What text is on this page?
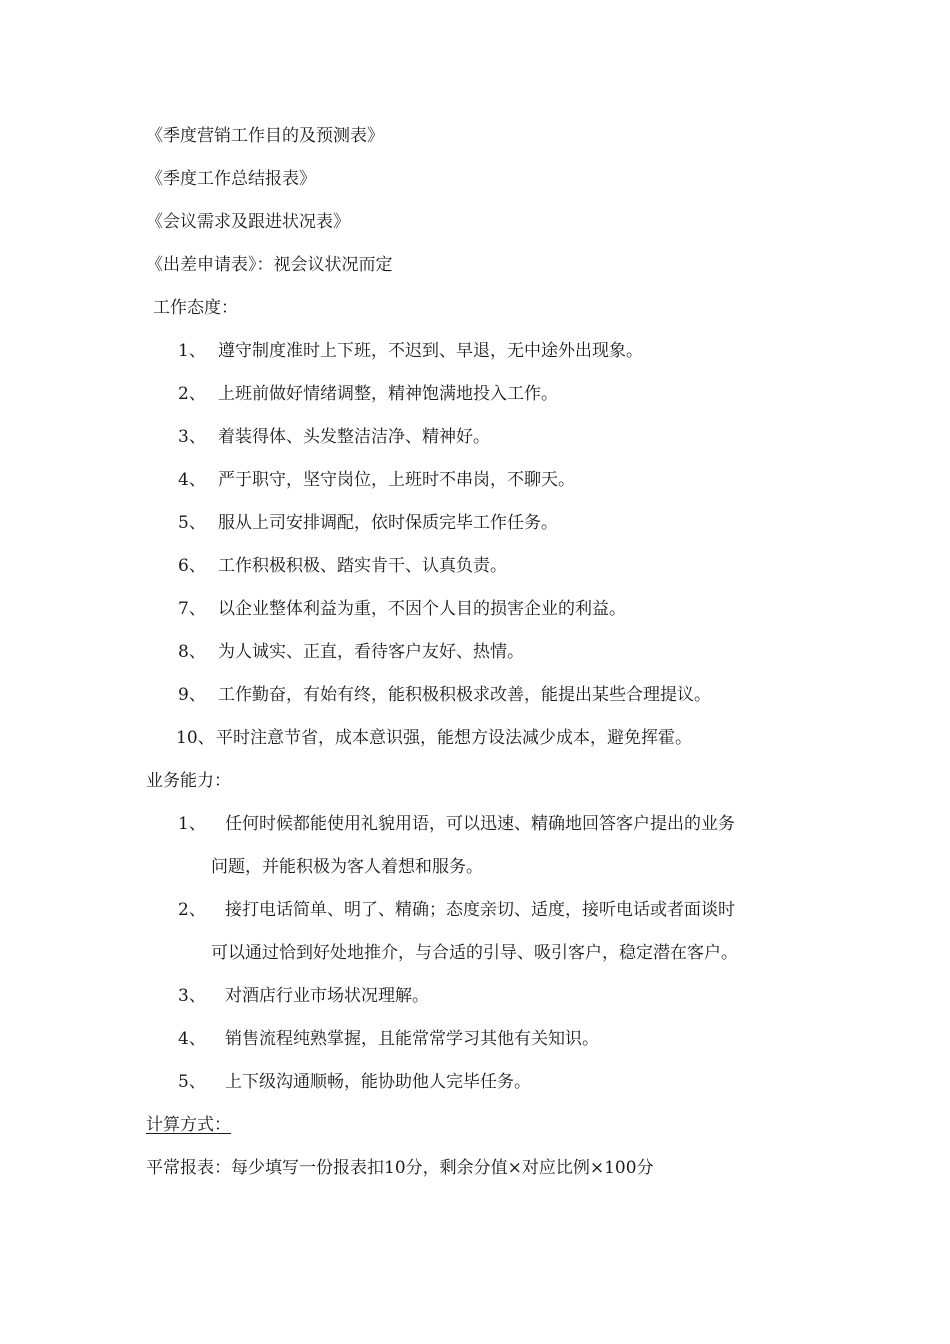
《季度营销工作目的及预测表》
《季度工作总结报表》
《会议需求及跟进状况表》
《出差申请表》：视会议状况而定
工作态度：
1、 遵守制度准时上下班，不迟到、早退，无中途外出现象。
2、 上班前做好情绪调整，精神饱满地投入工作。
3、 着装得体、头发整洁洁净、精神好。
4、 严于职守，坚守岗位，上班时不串岗，不聊天。
5、 服从上司安排调配，依时保质完毕工作任务。
6、 工作积极积极、踏实肯干、认真负责。
7、 以企业整体利益为重，不因个人目的损害企业的利益。
8、 为人诚实、正直，看待客户友好、热情。
9、 工作勤奋，有始有终，能积极积极求改善，能提出某些合理提议。
10、 平时注意节省，成本意识强，能想方设法减少成本，避免挥霍。
业务能力：
1、 任何时候都能使用礼貌用语，可以迅速、精确地回答客户提出的业务
问题，并能积极为客人着想和服务。
2、 接打电话简单、明了、精确；态度亲切、适度，接听电话或者面谈时
可以通过恰到好处地推介，与合适的引导、吸引客户，稳定潜在客户。
3、 对酒店行业市场状况理解。
4、 销售流程纯熟掌握，且能常常学习其他有关知识。
5、 上下级沟通顺畅，能协助他人完毕任务。
计算方式：
平常报表：每少填写一份报表扣10分，剩余分值×对应比例×100分
